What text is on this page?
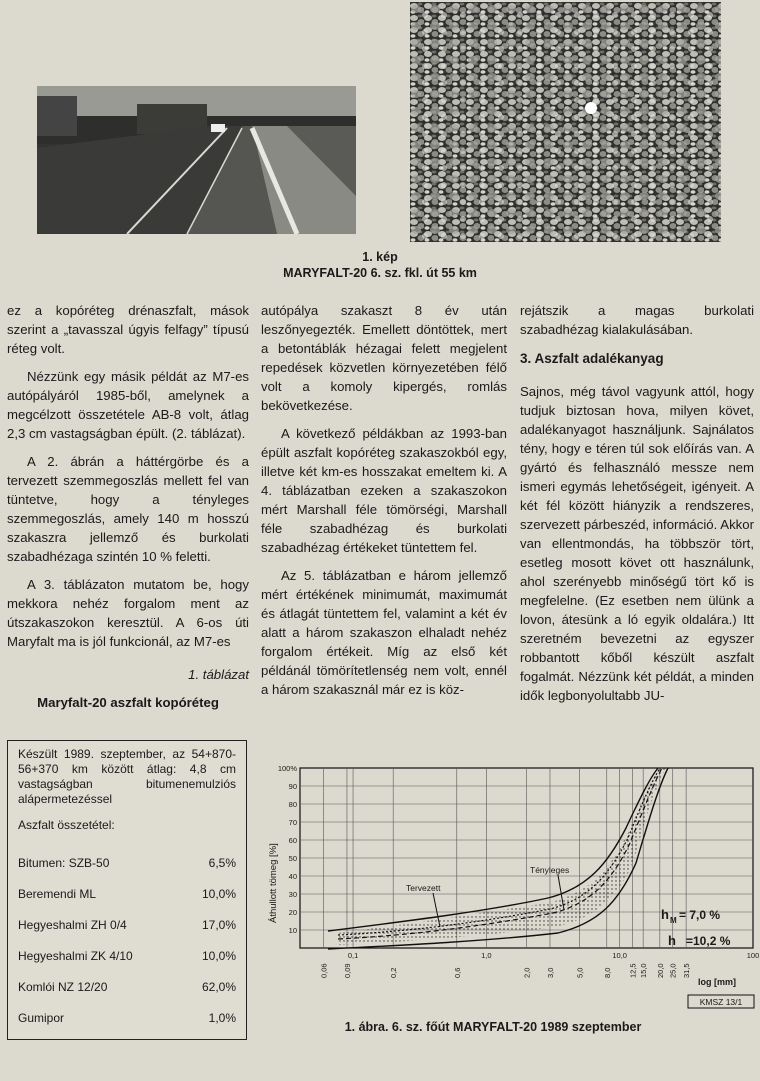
1. kép
MARYFALT-20 6. sz. fkl. út 55 km

ez a kopóréteg drénaszfalt, mások szerint a „tavasszal úgyis felfagy” típusú réteg volt.

Nézzünk egy másik példát az M7-es autópályáról 1985-ből, amelynek a megcélzott összetétele AB-8 volt, átlag 2,3 cm vastagságban épült. (2. táblázat).

A 2. ábrán a háttérgörbe és a tervezett szemmegoszlás mellett fel van tüntetve, hogy a tényleges szemmegoszlás, amely 140 m hosszú szakaszra jellemző és burkolati szabadhézaga szintén 10 % feletti.

A 3. táblázaton mutatom be, hogy mekkora nehéz forgalom ment az útszakaszokon keresztül. A 6-os úti Maryfalt ma is jól funkcionál, az M7-es

1. táblázat

Maryfalt-20 aszfalt kopóréteg

autópálya szakaszt 8 év után leszőnyegezték. Emellett döntöttek, mert a betontáblák hézagai felett megjelent repedések közvetlen környezetében félő volt a komoly kipergés, romlás bekövetkezése.

A következő példákban az 1993-ban épült aszfalt kopóréteg szakaszokból egy, illetve két km-es hosszakat emeltem ki. A 4. táblázatban ezeken a szakaszokon mért Marshall féle tömörségi, Marshall féle szabadhézag és burkolati szabadhézag értékeket tüntettem fel.

Az 5. táblázatban e három jellemző mért értékének minimumát, maximumát és átlagát tüntettem fel, valamint a két év alatt a három szakaszon elhaladt nehéz forgalom értékeit. Míg az első két példánál tömörítetlenség nem volt, ennél a három szakasznál már ez is köz-

rejátszik a magas burkolati szabadhézag kialakulásában.

3. Aszfalt adalékanyag

Sajnos, még távol vagyunk attól, hogy tudjuk biztosan hova, milyen követ, adalékanyagot használjunk. Sajnálatos tény, hogy e téren túl sok előírás van. A gyártó és felhasználó messze nem ismeri egymás lehetőségeit, igényeit. A két fél között hiányzik a rendszeres, szervezett párbeszéd, információ. Akkor van ellentmondás, ha többször tört, esetleg mosott követ ott használunk, ahol szerényebb minőségű tört kő is megfelelne. (Ez esetben nem ülünk a lovon, átesünk a ló egyik oldalára.) Itt szeretném bevezetni az egyszer robbantott kőből készült aszfalt fogalmát. Nézzünk két példát, a minden idők legbonyolultabb JU-

Készült 1989. szeptember, az 54+870-56+370 km között átlag: 4,8 cm vastagságban bitumenemulziós alápermetezéssel
Aszfalt összetétel:
Bitumen: SZB-50	6,5%
Beremendi ML	10,0%
Hegyeshalmi ZH 0/4	17,0%
Hegyeshalmi ZK 4/10	10,0%
Komlói NZ 12/20	62,0%
Gumipor	1,0%
Tervezett
Tényleges
h M = 7,0 %
h =10,2 %
Áthullott tömeg [%]
100%
90
80
70
60
50
40
30
20
10
0,06 0,09	0,2	0,6	2,0 3,0	5,0 8,0 12,5 15,0 20,0 25,0 31,5
0,1	1,0	10,0	100
log [mm]
KMSZ 13/1
1. ábra. 6. sz. főút MARYFALT-20 1989 szeptember
